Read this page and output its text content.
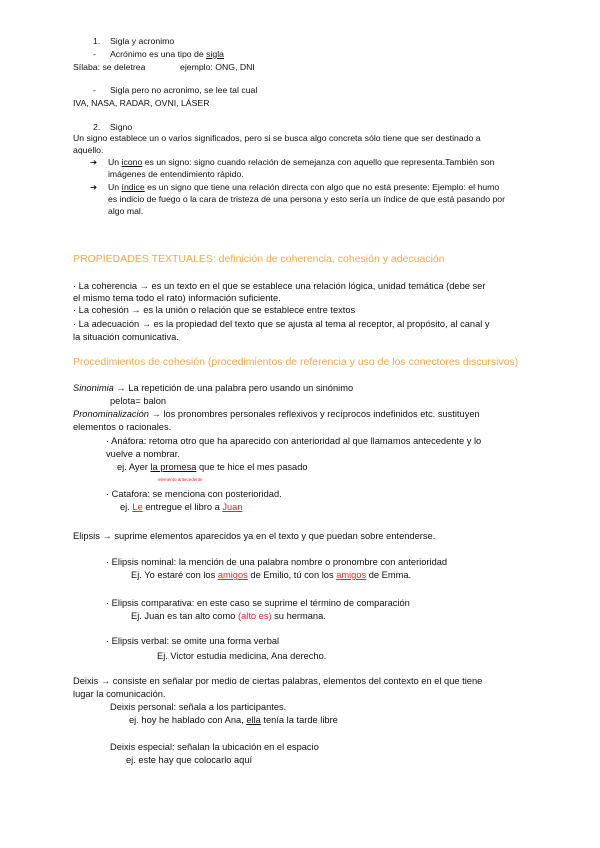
1. Sigla y acronimo
- Acrónimo es una tipo de sigla
Sílaba: se deletrea	ejemplo: ONG, DNI
- Sigla pero no acronimo, se lee tal cual
IVA, NASA, RADAR, OVNI, LÁSER
2. Signo
Un signo establece un o varios significados, pero si se busca algo concreta sólo tiene que ser destinado a
aquello.
➔ Un icono es un signo: signo cuando relación de semejanza con aquello que representa.También son
imágenes de entendimiento rápido.
➔ Un índice es un signo que tiene una relación directa con algo que no está presente: Ejemplo: el humo
es indicio de fuego o la cara de tristeza de una persona y esto sería un índice de que está pasando por
algo mal.
PROPIEDADES TEXTUALES: definición de coherencia, cohesión y adecuación
· La coherencia → es un texto en el que se establece una relación lógica, unidad temática (debe ser
el mismo tema todo el rato) información suficiente.
· La cohesión → es la unión o relación que se establece entre textos
· La adecuación → es la propiedad del texto que se ajusta al tema al receptor, al propósito, al canal y
la situación comunicativa.
Procedimientos de cohesión (procedimientos de referencia y uso de los conectores discursivos)
Sinonimia → La repetición de una palabra pero usando un sinónimo
pelota= balon
Pronominalización → los pronombres personales reflexivos y recíprocos indefinidos etc. sustituyen
elementos o racionales.
· Anáfora: retoma otro que ha aparecido con anterioridad al que llamamos antecedente y lo
vuelve a nombrar.
ej. Ayer la promesa que te hice el mes pasado
elemento antecedente
· Catafora: se menciona con posterioridad.
ej. Le entregue el libro a Juan
Elipsis → suprime elementos aparecidos ya en el texto y que puedan sobre entenderse.
· Elipsis nominal: la mención de una palabra nombre o pronombre con anterioridad
Ej. Yo estaré con los amigos de Emilio, tú con los amigos de Emma.
· Elipsis comparativa: en este caso se suprime el término de comparación
Ej. Juan es tan alto como (alto es) su hermana.
· Elipsis verbal: se omite una forma verbal
Ej. Victor estudia medicina, Ana derecho.
Deixis → consiste en señalar por medio de ciertas palabras, elementos del contexto en el que tiene
lugar la comunicación.
Deixis personal: señala a los participantes.
ej. hoy he hablado con Ana, ella tenía la tarde libre
Deixis especial: señalan la ubicación en el espacio
ej. este hay que colocarlo aquí
